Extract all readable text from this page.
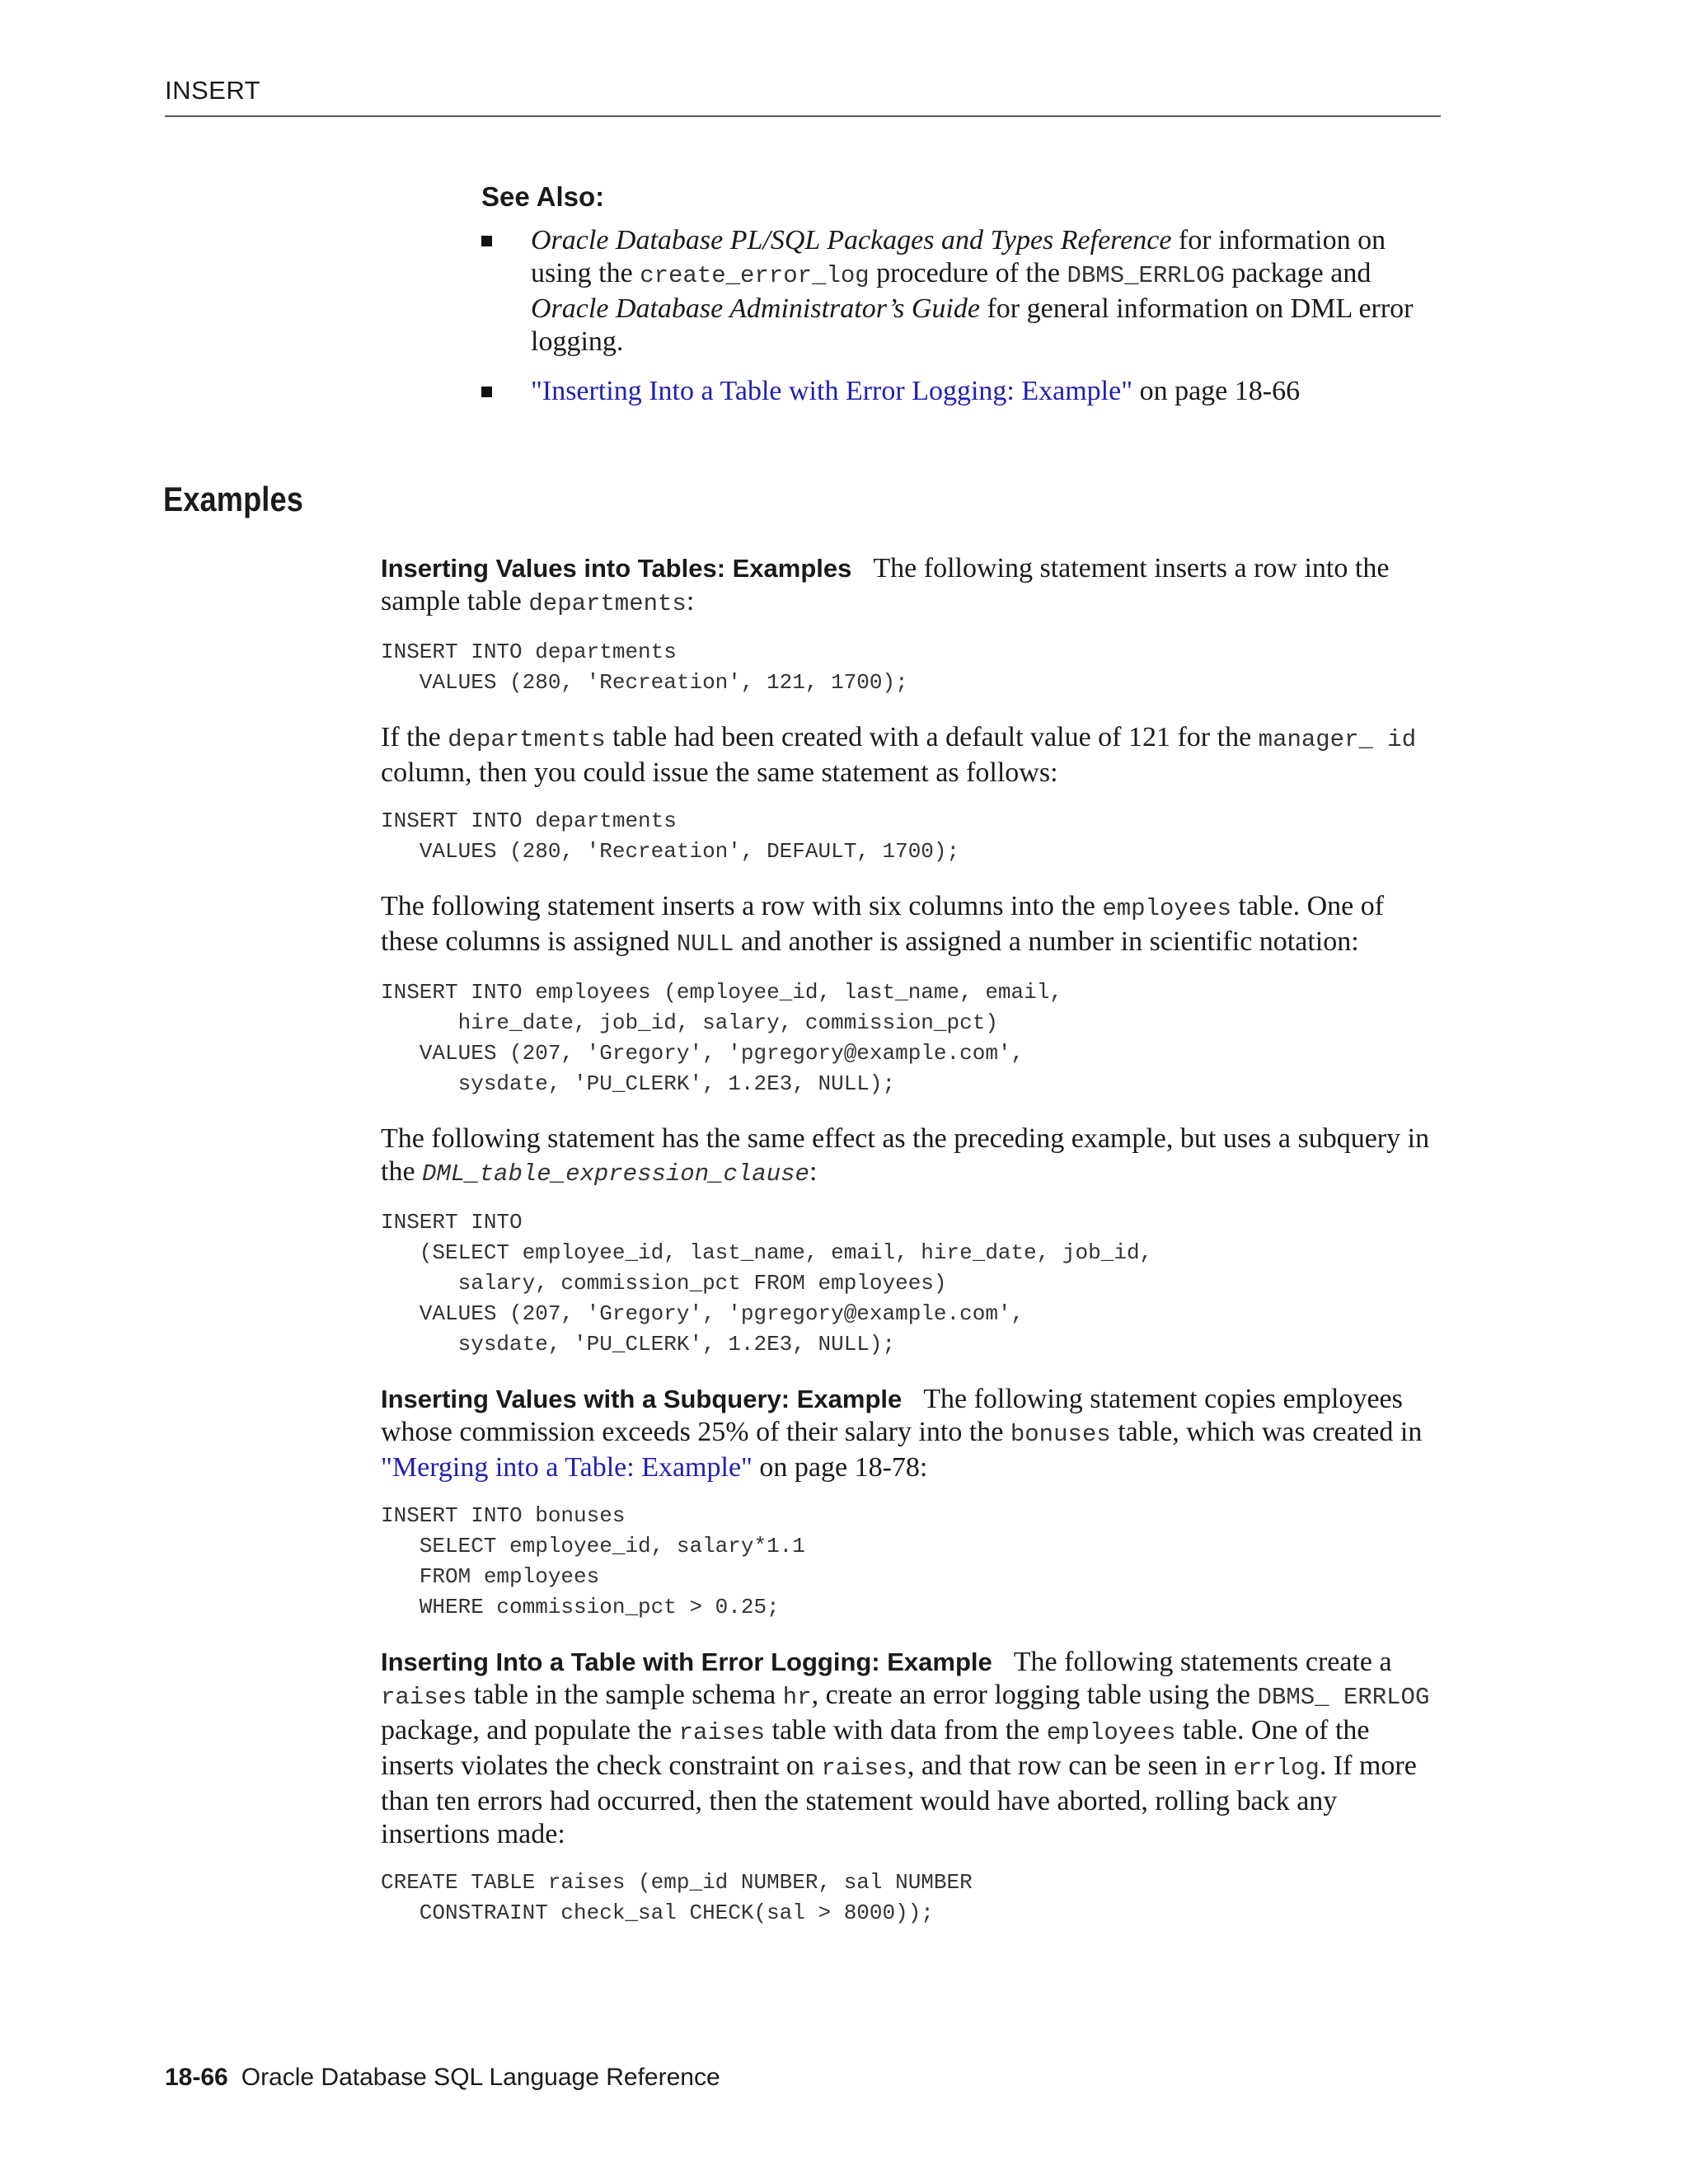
INSERT
See Also:
Oracle Database PL/SQL Packages and Types Reference for information on using the create_error_log procedure of the DBMS_ERRLOG package and Oracle Database Administrator’s Guide for general information on DML error logging.
"Inserting Into a Table with Error Logging: Example" on page 18-66
Examples

Inserting Values into Tables: Examples The following statement inserts a row into the sample table departments:

INSERT INTO departments
VALUES (280, 'Recreation', 121, 1700);

If the departments table had been created with a default value of 121 for the manager_ id column, then you could issue the same statement as follows:

INSERT INTO departments
VALUES (280, 'Recreation', DEFAULT, 1700);

The following statement inserts a row with six columns into the employees table. One of these columns is assigned NULL and another is assigned a number in scientific notation:

INSERT INTO employees (employee_id, last_name, email,
hire_date, job_id, salary, commission_pct)
VALUES (207, 'Gregory', 'pgregory@example.com',
sysdate, 'PU_CLERK', 1.2E3, NULL);

The following statement has the same effect as the preceding example, but uses a subquery in the DML_table_expression_clause:

INSERT INTO
(SELECT employee_id, last_name, email, hire_date, job_id,
salary, commission_pct FROM employees)
VALUES (207, 'Gregory', 'pgregory@example.com',
sysdate, 'PU_CLERK', 1.2E3, NULL);

Inserting Values with a Subquery: Example The following statement copies employees whose commission exceeds 25% of their salary into the bonuses table, which was created in "Merging into a Table: Example" on page 18-78:

INSERT INTO bonuses
SELECT employee_id, salary*1.1
FROM employees
WHERE commission_pct > 0.25;

Inserting Into a Table with Error Logging: Example The following statements create a raises table in the sample schema hr, create an error logging table using the DBMS_ ERRLOG package, and populate the raises table with data from the employees table. One of the inserts violates the check constraint on raises, and that row can be seen in errlog. If more than ten errors had occurred, then the statement would have aborted, rolling back any insertions made:

CREATE TABLE raises (emp_id NUMBER, sal NUMBER
CONSTRAINT check_sal CHECK(sal > 8000));
18-66 Oracle Database SQL Language Reference
